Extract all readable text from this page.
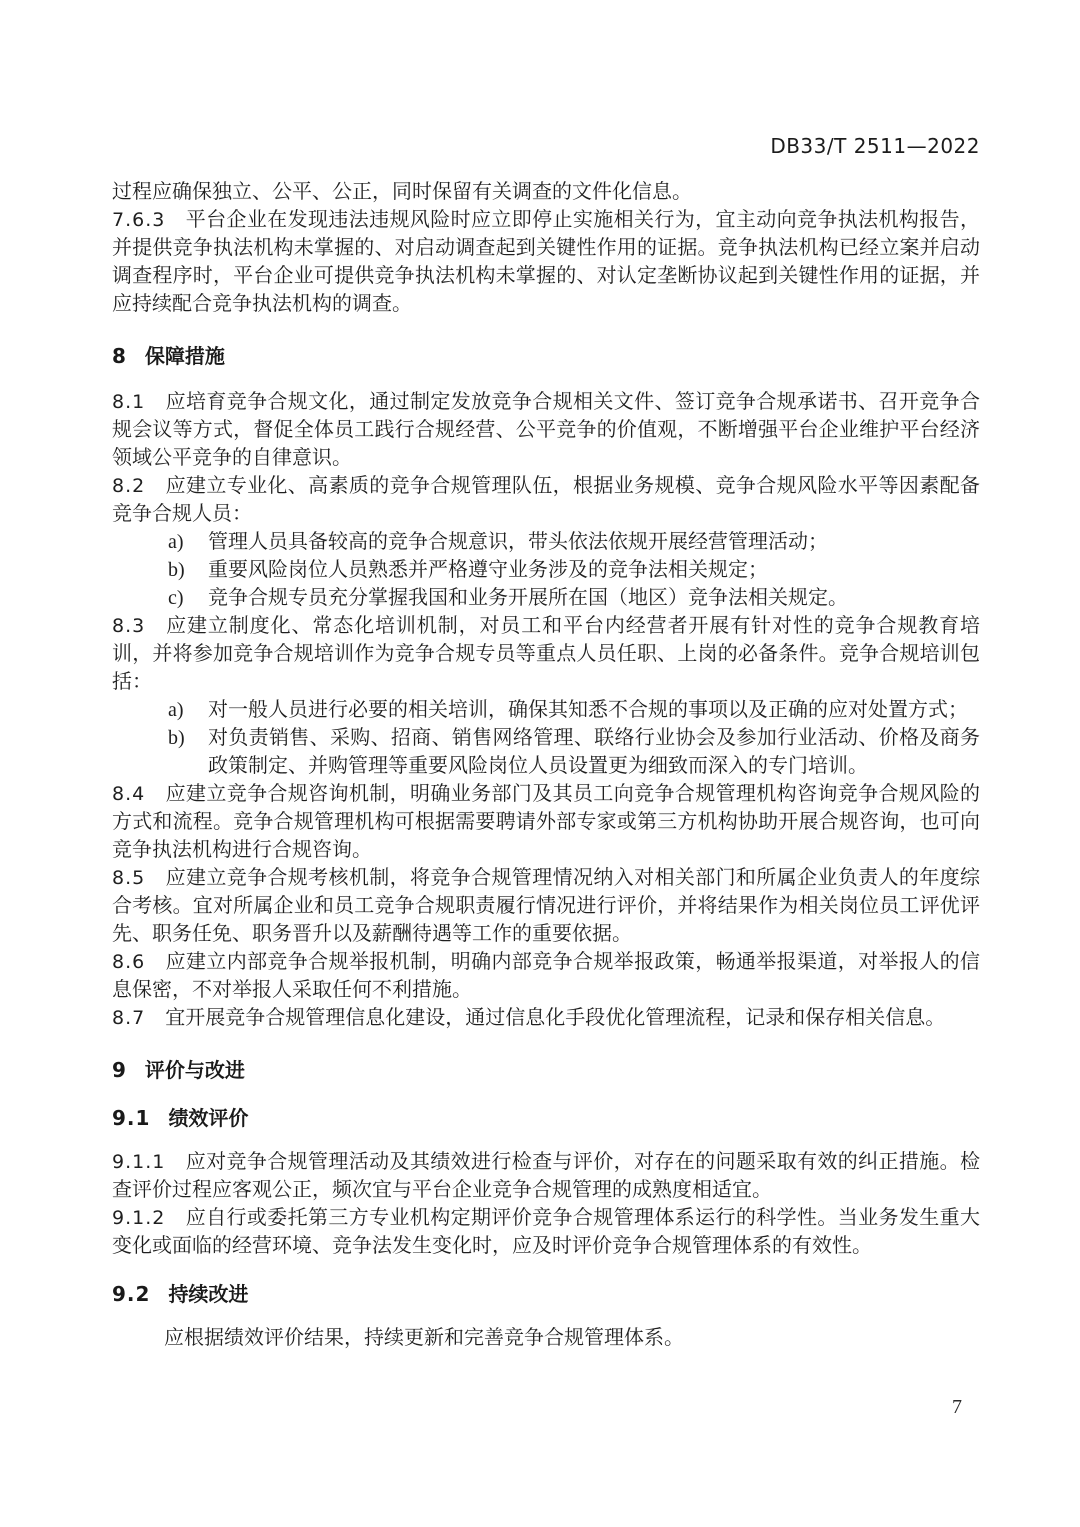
DB33/T 2511—2022

过程应确保独立、公平、公正，同时保留有关调查的文件化信息。

7.6.3 平台企业在发现违法违规风险时应立即停止实施相关行为，宜主动向竞争执法机构报告，并提供竞争执法机构未掌握的、对启动调查起到关键性作用的证据。竞争执法机构已经立案并启动调查程序时，平台企业可提供竞争执法机构未掌握的、对认定垄断协议起到关键性作用的证据，并应持续配合竞争执法机构的调查。

8 保障措施

8.1 应培育竞争合规文化，通过制定发放竞争合规相关文件、签订竞争合规承诺书、召开竞争合规会议等方式，督促全体员工践行合规经营、公平竞争的价值观，不断增强平台企业维护平台经济领域公平竞争的自律意识。

8.2 应建立专业化、高素质的竞争合规管理队伍，根据业务规模、竞争合规风险水平等因素配备竞争合规人员：

a)	管理人员具备较高的竞争合规意识，带头依法依规开展经营管理活动；
b)	重要风险岗位人员熟悉并严格遵守业务涉及的竞争法相关规定；
c)	竞争合规专员充分掌握我国和业务开展所在国（地区）竞争法相关规定。

8.3 应建立制度化、常态化培训机制，对员工和平台内经营者开展有针对性的竞争合规教育培训，并将参加竞争合规培训作为竞争合规专员等重点人员任职、上岗的必备条件。竞争合规培训包括：

a)	对一般人员进行必要的相关培训，确保其知悉不合规的事项以及正确的应对处置方式；
b)	对负责销售、采购、招商、销售网络管理、联络行业协会及参加行业活动、价格及商务政策制定、并购管理等重要风险岗位人员设置更为细致而深入的专门培训。

8.4 应建立竞争合规咨询机制，明确业务部门及其员工向竞争合规管理机构咨询竞争合规风险的方式和流程。竞争合规管理机构可根据需要聘请外部专家或第三方机构协助开展合规咨询，也可向竞争执法机构进行合规咨询。

8.5 应建立竞争合规考核机制，将竞争合规管理情况纳入对相关部门和所属企业负责人的年度综合考核。宜对所属企业和员工竞争合规职责履行情况进行评价，并将结果作为相关岗位员工评优评先、职务任免、职务晋升以及薪酬待遇等工作的重要依据。

8.6 应建立内部竞争合规举报机制，明确内部竞争合规举报政策，畅通举报渠道，对举报人的信息保密，不对举报人采取任何不利措施。

8.7 宜开展竞争合规管理信息化建设，通过信息化手段优化管理流程，记录和保存相关信息。

9 评价与改进
9.1 绩效评价

9.1.1 应对竞争合规管理活动及其绩效进行检查与评价，对存在的问题采取有效的纠正措施。检查评价过程应客观公正，频次宜与平台企业竞争合规管理的成熟度相适宜。

9.1.2 应自行或委托第三方专业机构定期评价竞争合规管理体系运行的科学性。当业务发生重大变化或面临的经营环境、竞争法发生变化时，应及时评价竞争合规管理体系的有效性。

9.2 持续改进

应根据绩效评价结果，持续更新和完善竞争合规管理体系。

7
